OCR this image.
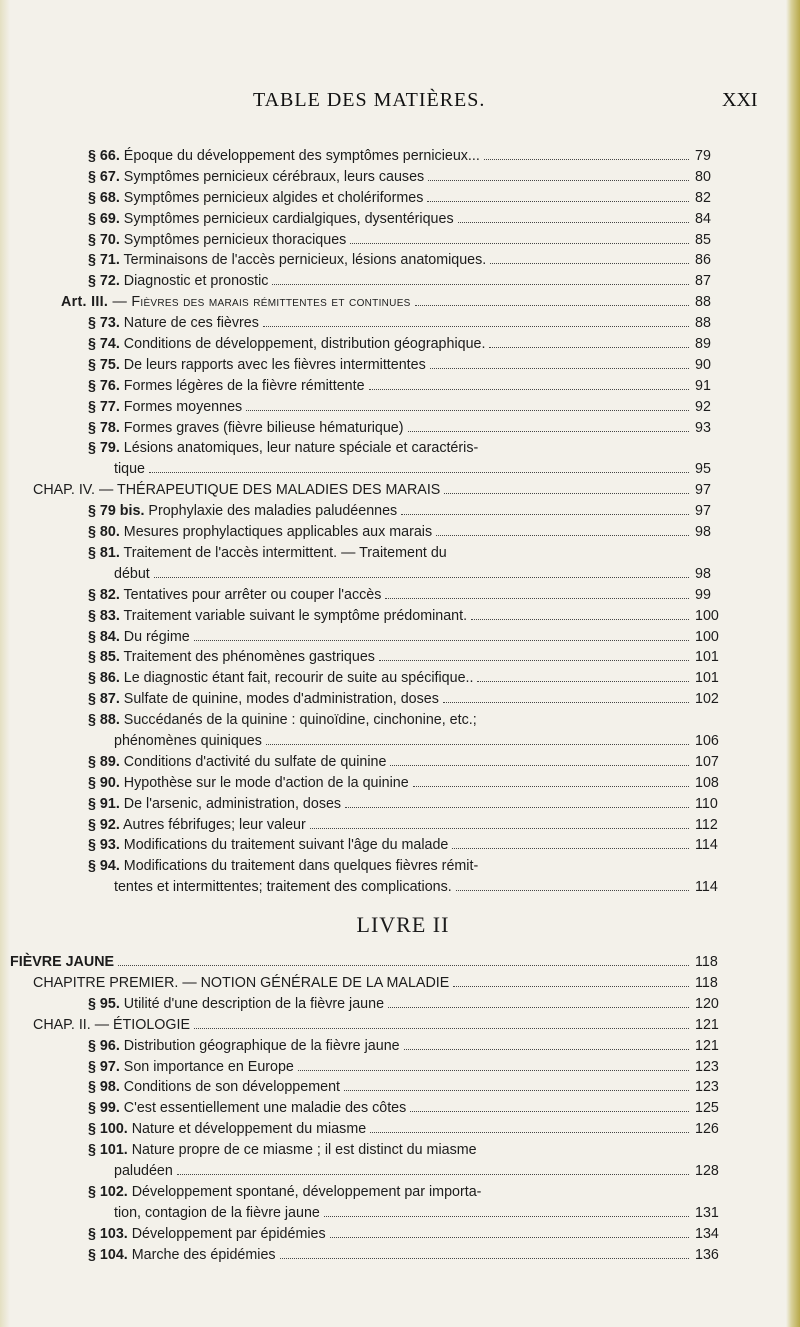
TABLE DES MATIÈRES.	XXI
§ 66. Époque du développement des symptômes pernicieux...	79
§ 67. Symptômes pernicieux cérébraux, leurs causes	80
§ 68. Symptômes pernicieux algides et cholériformes	82
§ 69. Symptômes pernicieux cardialgiques, dysentériques	84
§ 70. Symptômes pernicieux thoraciques	85
§ 71. Terminaisons de l'accès pernicieux, lésions anatomiques.	86
§ 72. Diagnostic et pronostic	87
Art. III. — Fièvres des marais rémittentes et continues	88
§ 73. Nature de ces fièvres	88
§ 74. Conditions de développement, distribution géographique.	89
§ 75. De leurs rapports avec les fièvres intermittentes	90
§ 76. Formes légères de la fièvre rémittente	91
§ 77. Formes moyennes	92
§ 78. Formes graves (fièvre bilieuse hématurique)	93
§ 79. Lésions anatomiques, leur nature spéciale et caractéris-
tique	95
CHAP. IV. — THÉRAPEUTIQUE DES MALADIES DES MARAIS	97
§ 79 bis. Prophylaxie des maladies paludéennes	97
§ 80. Mesures prophylactiques applicables aux marais	98
§ 81. Traitement de l'accès intermittent. — Traitement du
début	98
§ 82. Tentatives pour arrêter ou couper l'accès	99
§ 83. Traitement variable suivant le symptôme prédominant.	100
§ 84. Du régime	100
§ 85. Traitement des phénomènes gastriques	101
§ 86. Le diagnostic étant fait, recourir de suite au spécifique..	101
§ 87. Sulfate de quinine, modes d'administration, doses	102
§ 88. Succédanés de la quinine : quinoïdine, cinchonine, etc.;
phénomènes quiniques	106
§ 89. Conditions d'activité du sulfate de quinine	107
§ 90. Hypothèse sur le mode d'action de la quinine	108
§ 91. De l'arsenic, administration, doses	110
§ 92. Autres fébrifuges; leur valeur	112
§ 93. Modifications du traitement suivant l'âge du malade	114
§ 94. Modifications du traitement dans quelques fièvres rémit-
tentes et intermittentes; traitement des complications.	114
LIVRE II
FIÈVRE JAUNE	118
CHAPITRE PREMIER. — NOTION GÉNÉRALE DE LA MALADIE	118
§ 95. Utilité d'une description de la fièvre jaune	120
CHAP. II. — ÉTIOLOGIE	121
§ 96. Distribution géographique de la fièvre jaune	121
§ 97. Son importance en Europe	123
§ 98. Conditions de son développement	123
§ 99. C'est essentiellement une maladie des côtes	125
§ 100. Nature et développement du miasme	126
§ 101. Nature propre de ce miasme ; il est distinct du miasme
paludéen	128
§ 102. Développement spontané, développement par importa-
tion, contagion de la fièvre jaune	131
§ 103. Développement par épidémies	134
§ 104. Marche des épidémies	136
